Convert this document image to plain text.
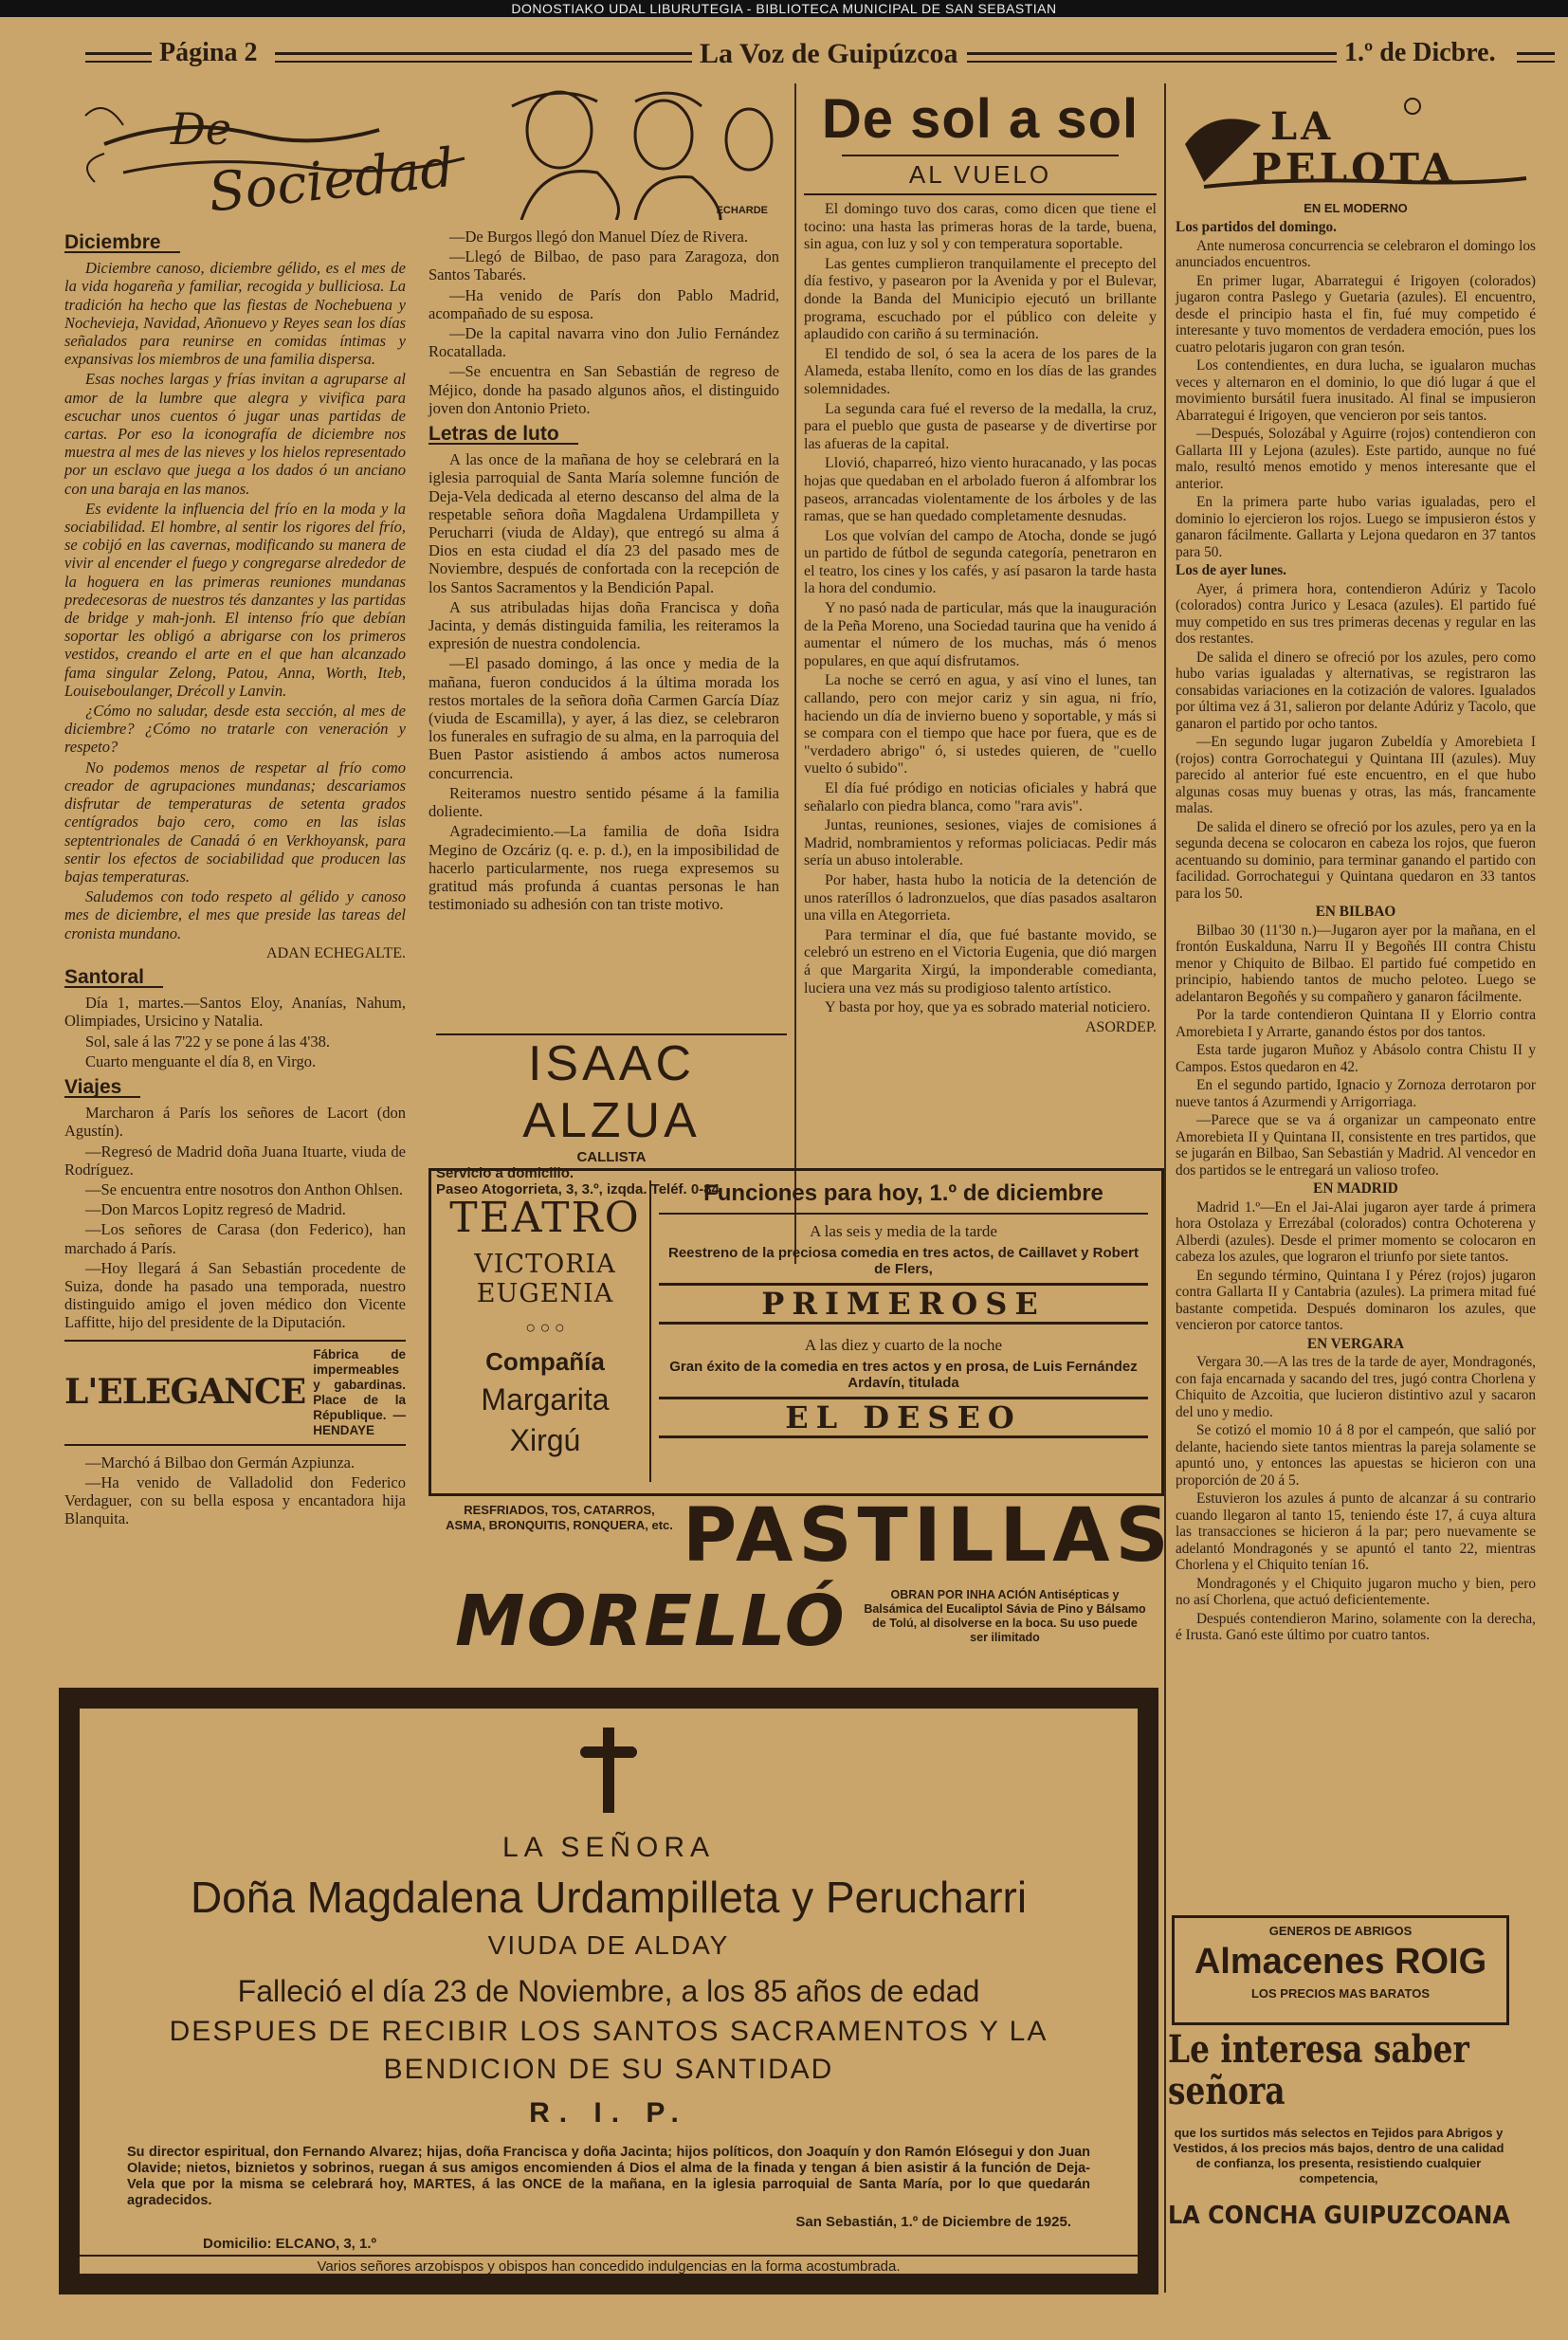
DONOSTIAKO UDAL LIBURUTEGIA - BIBLIOTECA MUNICIPAL DE SAN SEBASTIAN
Página 2	La Voz de Guipúzcoa	1.º de Dicbre.
De
Sociedad	ECHARDE
Diciembre

Diciembre canoso, diciembre gélido, es el mes de la vida hogareña y familiar, recogida y bulliciosa. La tradición ha hecho que las fiestas de Nochebuena y Nochevieja, Navidad, Añonuevo y Reyes sean los días señalados para reunirse en comidas íntimas y expansivas los miembros de una familia dispersa.

Esas noches largas y frías invitan a agruparse al amor de la lumbre que alegra y vivifica para escuchar unos cuentos ó jugar unas partidas de cartas. Por eso la iconografía de diciembre nos muestra al mes de las nieves y los hielos representado por un esclavo que juega a los dados ó un anciano con una baraja en las manos.

Es evidente la influencia del frío en la moda y la sociabilidad. El hombre, al sentir los rigores del frío, se cobijó en las cavernas, modificando su manera de vivir al encender el fuego y congregarse alrededor de la hoguera en las primeras reuniones mundanas predecesoras de nuestros tés danzantes y las partidas de bridge y mah-jonh. El intenso frío que debían soportar les obligó a abrigarse con los primeros vestidos, creando el arte en el que han alcanzado fama singular Zelong, Patou, Anna, Worth, Iteb, Louiseboulanger, Drécoll y Lanvin.

¿Cómo no saludar, desde esta sección, al mes de diciembre? ¿Cómo no tratarle con veneración y respeto?

No podemos menos de respetar al frío como creador de agrupaciones mundanas; descariamos disfrutar de temperaturas de setenta grados centígrados bajo cero, como en las islas septentrionales de Canadá ó en Verkhoyansk, para sentir los efectos de sociabilidad que producen las bajas temperaturas.

Saludemos con todo respeto al gélido y canoso mes de diciembre, el mes que preside las tareas del cronista mundano.

ADAN ECHEGALTE.
Santoral

Día 1, martes.—Santos Eloy, Ananías, Nahum, Olimpiades, Ursicino y Natalia.

Sol, sale á las 7'22 y se pone á las 4'38.

Cuarto menguante el día 8, en Virgo.

Viajes

Marcharon á París los señores de Lacort (don Agustín).

—Regresó de Madrid doña Juana Ituarte, viuda de Rodríguez.

—Se encuentra entre nosotros don Anthon Ohlsen.

—Don Marcos Lopitz regresó de Madrid.

—Los señores de Carasa (don Federico), han marchado á París.

—Hoy llegará á San Sebastián procedente de Suiza, donde ha pasado una temporada, nuestro distinguido amigo el joven médico don Vicente Laffitte, hijo del presidente de la Diputación.

L'ELEGANCE
Fábrica de impermeables y gabardinas. Place de la République. — HENDAYE

—Marchó á Bilbao don Germán Azpiunza.

—Ha venido de Valladolid don Federico Verdaguer, con su bella esposa y encantadora hija Blanquita.

—De Burgos llegó don Manuel Díez de Rivera.

—Llegó de Bilbao, de paso para Zaragoza, don Santos Tabarés.

—Ha venido de París don Pablo Madrid, acompañado de su esposa.

—De la capital navarra vino don Julio Fernández Rocatallada.

—Se encuentra en San Sebastián de regreso de Méjico, donde ha pasado algunos años, el distinguido joven don Antonio Prieto.

Letras de luto

A las once de la mañana de hoy se celebrará en la iglesia parroquial de Santa María solemne función de Deja-Vela dedicada al eterno descanso del alma de la respetable señora doña Magdalena Urdampilleta y Perucharri (viuda de Alday), que entregó su alma á Dios en esta ciudad el día 23 del pasado mes de Noviembre, después de confortada con la recepción de los Santos Sacramentos y la Bendición Papal.

A sus atribuladas hijas doña Francisca y doña Jacinta, y demás distinguida familia, les reiteramos la expresión de nuestra condolencia.

—El pasado domingo, á las once y media de la mañana, fueron conducidos á la última morada los restos mortales de la señora doña Carmen García Díaz (viuda de Escamilla), y ayer, á las diez, se celebraron los funerales en sufragio de su alma, en la parroquia del Buen Pastor asistiendo á ambos actos numerosa concurrencia.

Reiteramos nuestro sentido pésame á la familia doliente.

Agradecimiento.—La familia de doña Isidra Megino de Ozcáriz (q. e. p. d.), en la imposibilidad de hacerlo particularmente, nos ruega expresemos su gratitud más profunda á cuantas personas le han testimoniado su adhesión con tan triste motivo.

ISAAC ALZUA
CALLISTA
Servicio a domicilio.
Paseo Atogorrieta, 3, 3.º, izqda. Teléf. 0-84
De sol a sol
AL VUELO

El domingo tuvo dos caras, como dicen que tiene el tocino: una hasta las primeras horas de la tarde, buena, sin agua, con luz y sol y con temperatura soportable.

Las gentes cumplieron tranquilamente el precepto del día festivo, y pasearon por la Avenida y por el Bulevar, donde la Banda del Municipio ejecutó un brillante programa, escuchado por el público con deleite y aplaudido con cariño á su terminación.

El tendido de sol, ó sea la acera de los pares de la Alameda, estaba lleníto, como en los días de las grandes solemnidades.

La segunda cara fué el reverso de la medalla, la cruz, para el pueblo que gusta de pasearse y de divertirse por las afueras de la capital.

Llovió, chaparreó, hizo viento huracanado, y las pocas hojas que quedaban en el arbolado fueron á alfombrar los paseos, arrancadas violentamente de los árboles y de las ramas, que se han quedado completamente desnudas.

Los que volvían del campo de Atocha, donde se jugó un partido de fútbol de segunda categoría, penetraron en el teatro, los cines y los cafés, y así pasaron la tarde hasta la hora del condumio.

Y no pasó nada de particular, más que la inauguración de la Peña Moreno, una Sociedad taurina que ha venido á aumentar el número de los muchas, más ó menos populares, en que aquí disfrutamos.

La noche se cerró en agua, y así vino el lunes, tan callando, pero con mejor cariz y sin agua, ni frío, haciendo un día de invierno bueno y soportable, y más si se compara con el tiempo que hace por fuera, que es de "verdadero abrigo" ó, si ustedes quieren, de "cuello vuelto ó subido".

El día fué pródigo en noticias oficiales y habrá que señalarlo con piedra blanca, como "rara avis".

Juntas, reuniones, sesiones, viajes de comisiones á Madrid, nombramientos y reformas policiacas. Pedir más sería un abuso intolerable.

Por haber, hasta hubo la noticia de la detención de unos rateríllos ó ladronzuelos, que días pasados asaltaron una villa en Ategorrieta.

Para terminar el día, que fué bastante movido, se celebró un estreno en el Victoria Eugenia, que dió margen á que Margarita Xirgú, la imponderable comedianta, luciera una vez más su prodigioso talento artístico.

Y basta por hoy, que ya es sobrado material noticiero.

ASORDEP.
TEATRO
VICTORIA EUGENIA
○ ○ ○
Compañía
Margarita
Xirgú
Funciones para hoy, 1.º de diciembre
A las seis y media de la tarde
Reestreno de la preciosa comedia en tres actos, de Caillavet y Robert de Flers,
PRIMEROSE
A las diez y cuarto de la noche
Gran éxito de la comedia en tres actos y en prosa, de Luis Fernández Ardavín, titulada
EL DESEO
RESFRIADOS, TOS, CATARROS, ASMA, BRONQUITIS, RONQUERA, etc. PASTILLAS
MORELLÓ	OBRAN POR INHA ACIÓN Antisépticas y Balsámica del Eucaliptol Sávia de Pino y Bálsamo de Tolú, al disolverse en la boca. Su uso puede ser ilimitado
LA
PELOTA
EN EL MODERNO

Los partidos del domingo.

Ante numerosa concurrencia se celebraron el domingo los anunciados encuentros.

En primer lugar, Abarrategui é Irigoyen (colorados) jugaron contra Paslego y Guetaria (azules). El encuentro, desde el principio hasta el fin, fué muy competido é interesante y tuvo momentos de verdadera emoción, pues los cuatro pelotaris jugaron con gran tesón.

Los contendientes, en dura lucha, se igualaron muchas veces y alternaron en el dominio, lo que dió lugar á que el movimiento bursátil fuera inusitado. Al final se impusieron Abarrategui é Irigoyen, que vencieron por seis tantos.

—Después, Solozábal y Aguirre (rojos) contendieron con Gallarta III y Lejona (azules). Este partido, aunque no fué malo, resultó menos emotido y menos interesante que el anterior.

En la primera parte hubo varias igualadas, pero el dominio lo ejercieron los rojos. Luego se impusieron éstos y ganaron fácilmente. Gallarta y Lejona quedaron en 37 tantos para 50.

Los de ayer lunes.

Ayer, á primera hora, contendieron Adúriz y Tacolo (colorados) contra Jurico y Lesaca (azules). El partido fué muy competido en sus tres primeras decenas y regular en las dos restantes.

De salida el dinero se ofreció por los azules, pero como hubo varias igualadas y alternativas, se registraron las consabidas variaciones en la cotización de valores. Igualados por última vez á 31, salieron por delante Adúriz y Tacolo, que ganaron el partido por ocho tantos.

—En segundo lugar jugaron Zubeldía y Amorebieta I (rojos) contra Gorrochategui y Quintana III (azules). Muy parecido al anterior fué este encuentro, en el que hubo algunas cosas muy buenas y otras, las más, francamente malas.

De salida el dinero se ofreció por los azules, pero ya en la segunda decena se colocaron en cabeza los rojos, que fueron acentuando su dominio, para terminar ganando el partido con facilidad. Gorrochategui y Quintana quedaron en 33 tantos para los 50.

EN BILBAO

Bilbao 30 (11'30 n.)—Jugaron ayer por la mañana, en el frontón Euskalduna, Narru II y Begoñés III contra Chistu menor y Chiquito de Bilbao. El partido fué competido en principio, habiendo tantos de mucho peloteo. Luego se adelantaron Begoñés y su compañero y ganaron fácilmente.

Por la tarde contendieron Quintana II y Elorrio contra Amorebieta I y Arrarte, ganando éstos por dos tantos.

Esta tarde jugaron Muñoz y Abásolo contra Chistu II y Campos. Estos quedaron en 42.

En el segundo partido, Ignacio y Zornoza derrotaron por nueve tantos á Azurmendi y Arrigorriaga.

—Parece que se va á organizar un campeonato entre Amorebieta II y Quintana II, consistente en tres partidos, que se jugarán en Bilbao, San Sebastián y Madrid. Al vencedor en dos partidos se le entregará un valioso trofeo.

EN MADRID

Madrid 1.º—En el Jai-Alai jugaron ayer tarde á primera hora Ostolaza y Errezábal (colorados) contra Ochoterena y Alberdi (azules). Desde el primer momento se colocaron en cabeza los azules, que lograron el triunfo por siete tantos.

En segundo término, Quintana I y Pérez (rojos) jugaron contra Gallarta II y Cantabria (azules). La primera mitad fué bastante competida. Después dominaron los azules, que vencieron por catorce tantos.

EN VERGARA

Vergara 30.—A las tres de la tarde de ayer, Mondragonés, con faja encarnada y sacando del tres, jugó contra Chorlena y Chiquito de Azcoitia, que lucieron distintivo azul y sacaron del uno y medio.

Se cotizó el momio 10 á 8 por el campeón, que salió por delante, haciendo siete tantos mientras la pareja solamente se apuntó uno, y entonces las apuestas se hicieron con una proporción de 20 á 5.

Estuvieron los azules á punto de alcanzar á su contrario cuando llegaron al tanto 15, teniendo éste 17, á cuya altura las transacciones se hicieron á la par; pero nuevamente se adelantó Mondragonés y se apuntó el tanto 22, mientras Chorlena y el Chiquito tenían 16.

Mondragonés y el Chiquito jugaron mucho y bien, pero no así Chorlena, que actuó deficientemente.

Después contendieron Marino, solamente con la derecha, é Irusta. Ganó este último por cuatro tantos.

GENEROS DE ABRIGOS
Almacenes ROIG
LOS PRECIOS MAS BARATOS
Le interesa saber señora
que los surtidos más selectos en Tejidos para Abrigos y Vestidos, á los precios más bajos, dentro de una calidad de confianza, los presenta, resistiendo cualquier competencia,
LA CONCHA GUIPUZCOANA
LA SEÑORA
Doña Magdalena Urdampilleta y Perucharri
VIUDA DE ALDAY
Falleció el día 23 de Noviembre, a los 85 años de edad
DESPUES DE RECIBIR LOS SANTOS SACRAMENTOS Y LA
BENDICION DE SU SANTIDAD
R. I. P.
Su director espiritual, don Fernando Alvarez; hijas, doña Francisca y doña Jacinta; hijos políticos, don Joaquín y don Ramón Elósegui y don Juan Olavide; nietos, biznietos y sobrinos, ruegan á sus amigos encomienden á Dios el alma de la finada y tengan á bien asistir á la función de Deja-Vela que por la misma se celebrará hoy, MARTES, á las ONCE de la mañana, en la iglesia parroquial de Santa María, por lo que quedarán agradecidos.
San Sebastián, 1.º de Diciembre de 1925.
Domicilio: ELCANO, 3, 1.º
Varios señores arzobispos y obispos han concedido indulgencias en la forma acostumbrada.
